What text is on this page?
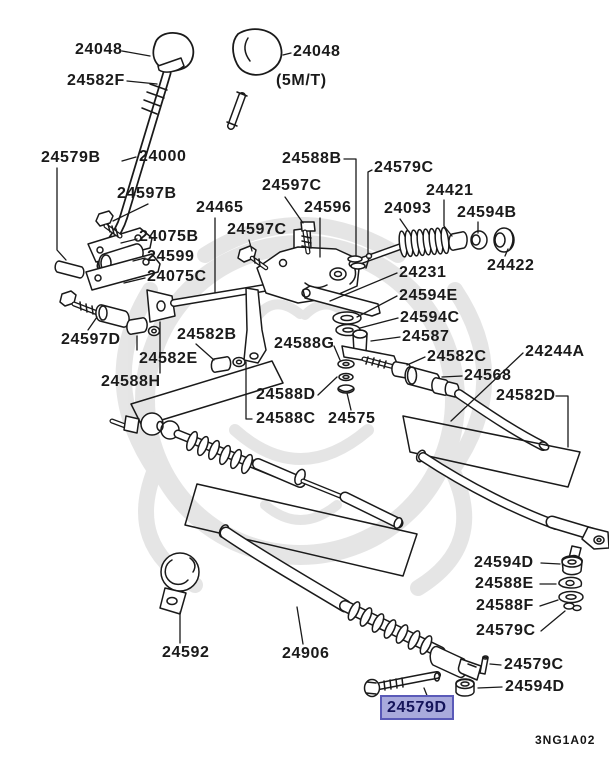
24048
24582F
24048
(5M/T)
24579B 24000
24597B
24465
24588B
24579C
24597C
24596
24421
24093 24594B
24597C
24075B
24599
24075C
24422
24231
24594E
24594C
24587
24597D	24582B
24582C 24244A
24582E
24588G
24568
24588H
24582D
24588D
24588C 24575
24594D
24588E
24588F
24579C
24592	24906
24579C
24594D
24579D
3NG1A02
